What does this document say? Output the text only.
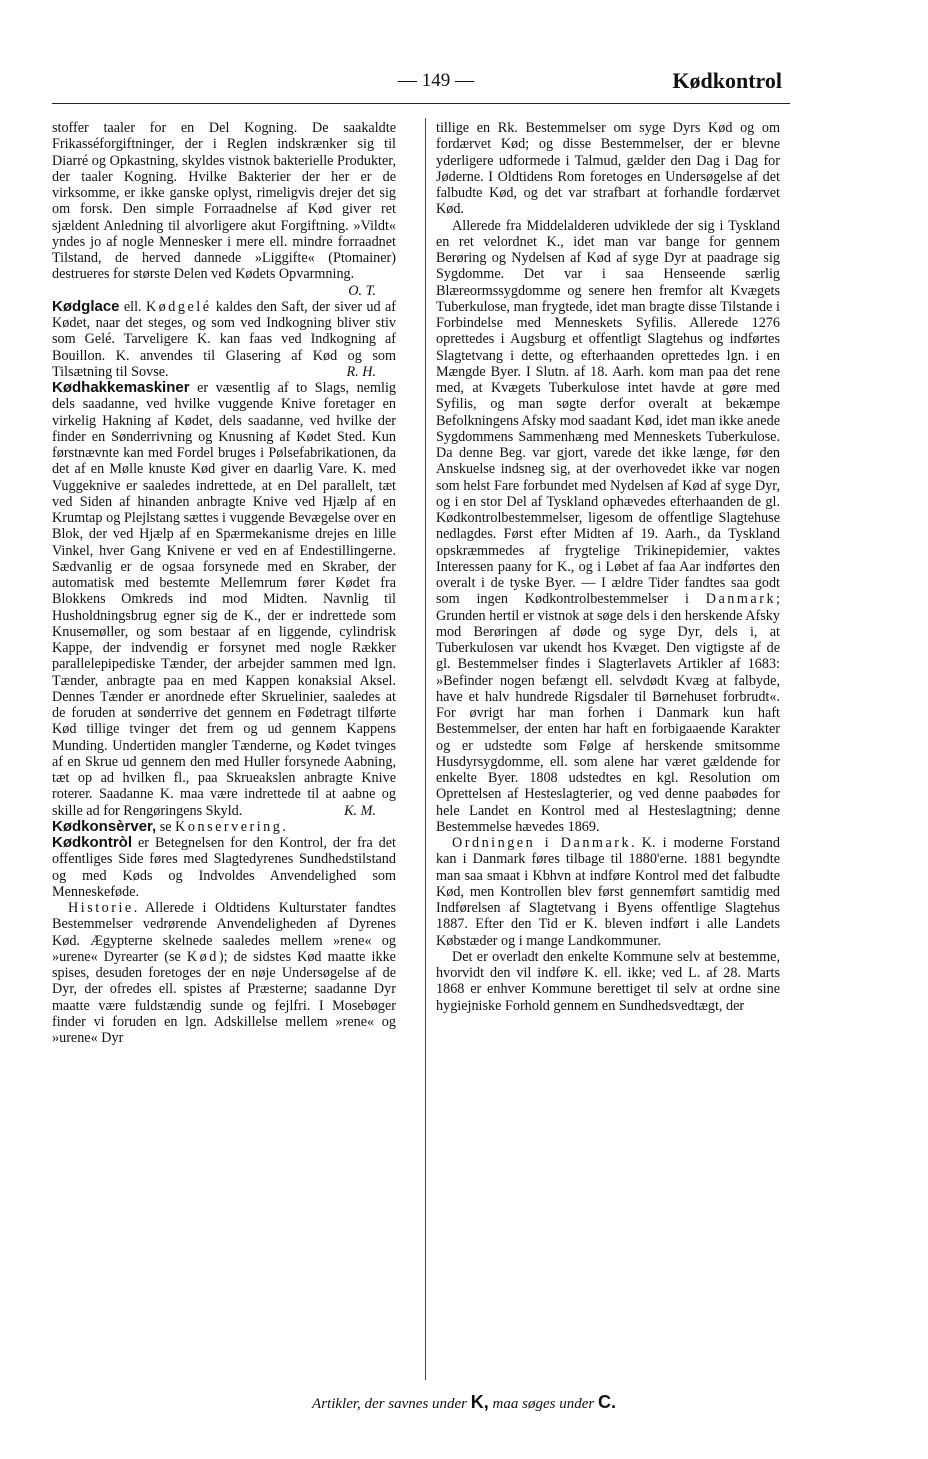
— 149 —	Kødkontrol

stoffer taaler for en Del Kogning. De saakaldte Frikasséforgiftninger, der i Reglen indskrænker sig til Diarré og Opkastning, skyldes vistnok bakterielle Produkter, der taaler Kogning. Hvilke Bakterier der her er de virksomme, er ikke ganske oplyst, rimeligvis drejer det sig om forsk. Den simple Forraadnelse af Kød giver ret sjældent Anledning til alvorligere akut Forgiftning. »Vildt« yndes jo af nogle Mennesker i mere ell. mindre forraadnet Tilstand, de herved dannede »Liggifte« (Ptomainer) destrueres for største Delen ved Kødets Opvarmning.
O. T.

Kødglace ell. Kødgelé kaldes den Saft, der siver ud af Kødet, naar det steges, og som ved Indkogning bliver stiv som Gelé. Tarveligere K. kan faas ved Indkogning af Bouillon. K. anvendes til Glasering af Kød og som Tilsætning til Sovse.	R. H.

Kødhakkemaskiner er væsentlig af to Slags, nemlig dels saadanne, ved hvilke vuggende Knive foretager en virkelig Hakning af Kødet, dels saadanne, ved hvilke der finder en Sønderrivning og Knusning af Kødet Sted. Kun førstnævnte kan med Fordel bruges i Pølsefabrikationen, da det af en Mølle knuste Kød giver en daarlig Vare. K. med Vuggeknive er saaledes indrettede, at en Del parallelt, tæt ved Siden af hinanden anbragte Knive ved Hjælp af en Krumtap og Plejlstang sættes i vuggende Bevægelse over en Blok, der ved Hjælp af en Spærmekanisme drejes en lille Vinkel, hver Gang Knivene er ved en af Endestillingerne. Sædvanlig er de ogsaa forsynede med en Skraber, der automatisk med bestemte Mellemrum fører Kødet fra Blokkens Omkreds ind mod Midten. Navnlig til Husholdningsbrug egner sig de K., der er indrettede som Knusemøller, og som bestaar af en liggende, cylindrisk Kappe, der indvendig er forsynet med nogle Rækker parallelepipediske Tænder, der arbejder sammen med lgn. Tænder, anbragte paa en med Kappen konaksial Aksel. Dennes Tænder er anordnede efter Skruelinier, saaledes at de foruden at sønderrive det gennem en Fødetragt tilførte Kød tillige tvinger det frem og ud gennem Kappens Munding. Undertiden mangler Tænderne, og Kødet tvinges af en Skrue ud gennem den med Huller forsynede Aabning, tæt op ad hvilken fl., paa Skrueakslen anbragte Knive roterer. Saadanne K. maa være indrettede til at aabne og skille ad for Rengøringens Skyld.	K. M.

Kødkonsèrver, se Konservering.

Kødkontròl er Betegnelsen for den Kontrol, der fra det offentliges Side føres med Slagtedyrenes Sundhedstilstand og med Køds og Indvoldes Anvendelighed som Menneskeføde.

Historie. Allerede i Oldtidens Kulturstater fandtes Bestemmelser vedrørende Anvendeligheden af Dyrenes Kød. Ægypterne skelnede saaledes mellem »rene« og »urene« Dyrearter (se Kød); de sidstes Kød maatte ikke spises, desuden foretoges der en nøje Undersøgelse af de Dyr, der ofredes ell. spistes af Præsterne; saadanne Dyr maatte være fuldstændig sunde og fejlfri. I Mosebøger finder vi foruden en lgn. Adskillelse mellem »rene« og »urene« Dyr

tillige en Rk. Bestemmelser om syge Dyrs Kød og om fordærvet Kød; og disse Bestemmelser, der er blevne yderligere udformede i Talmud, gælder den Dag i Dag for Jøderne. I Oldtidens Rom foretoges en Undersøgelse af det falbudte Kød, og det var strafbart at forhandle fordærvet Kød.

Allerede fra Middelalderen udviklede der sig i Tyskland en ret velordnet K., idet man var bange for gennem Berøring og Nydelsen af Kød af syge Dyr at paadrage sig Sygdomme. Det var i saa Henseende særlig Blæreormssygdomme og senere hen fremfor alt Kvægets Tuberkulose, man frygtede, idet man bragte disse Tilstande i Forbindelse med Menneskets Syfilis. Allerede 1276 oprettedes i Augsburg et offentligt Slagtehus og indførtes Slagtetvang i dette, og efterhaanden oprettedes lgn. i en Mængde Byer. I Slutn. af 18. Aarh. kom man paa det rene med, at Kvægets Tuberkulose intet havde at gøre med Syfilis, og man søgte derfor overalt at bekæmpe Befolkningens Afsky mod saadant Kød, idet man ikke anede Sygdommens Sammenhæng med Menneskets Tuberkulose. Da denne Beg. var gjort, varede det ikke længe, før den Anskuelse indsneg sig, at der overhovedet ikke var nogen som helst Fare forbundet med Nydelsen af Kød af syge Dyr, og i en stor Del af Tyskland ophævedes efterhaanden de gl. Kødkontrolbestemmelser, ligesom de offentlige Slagtehuse nedlagdes. Først efter Midten af 19. Aarh., da Tyskland opskræmmedes af frygtelige Trikinepidemier, vaktes Interessen paany for K., og i Løbet af faa Aar indførtes den overalt i de tyske Byer. — I ældre Tider fandtes saa godt som ingen Kødkontrolbestemmelser i Danmark; Grunden hertil er vistnok at søge dels i den herskende Afsky mod Berøringen af døde og syge Dyr, dels i, at Tuberkulosen var ukendt hos Kvæget. Den vigtigste af de gl. Bestemmelser findes i Slagterlavets Artikler af 1683: »Befinder nogen befængt ell. selvdødt Kvæg at falbyde, have et halv hundrede Rigsdaler til Børnehuset forbrudt«. For øvrigt har man forhen i Danmark kun haft Bestemmelser, der enten har haft en forbigaaende Karakter og er udstedte som Følge af herskende smitsomme Husdyrsygdomme, ell. som alene har været gældende for enkelte Byer. 1808 udstedtes en kgl. Resolution om Oprettelsen af Hesteslagterier, og ved denne paabødes for hele Landet en Kontrol med al Hesteslagtning; denne Bestemmelse hævedes 1869.

Ordningen i Danmark. K. i moderne Forstand kan i Danmark føres tilbage til 1880'erne. 1881 begyndte man saa smaat i Kbhvn at indføre Kontrol med det falbudte Kød, men Kontrollen blev først gennemført samtidig med Indførelsen af Slagtetvang i Byens offentlige Slagtehus 1887. Efter den Tid er K. bleven indført i alle Landets Købstæder og i mange Landkommuner.

Det er overladt den enkelte Kommune selv at bestemme, hvorvidt den vil indføre K. ell. ikke; ved L. af 28. Marts 1868 er enhver Kommune berettiget til selv at ordne sine hygiejniske Forhold gennem en Sundhedsvedtægt, der

Artikler, der savnes under K, maa søges under C.
